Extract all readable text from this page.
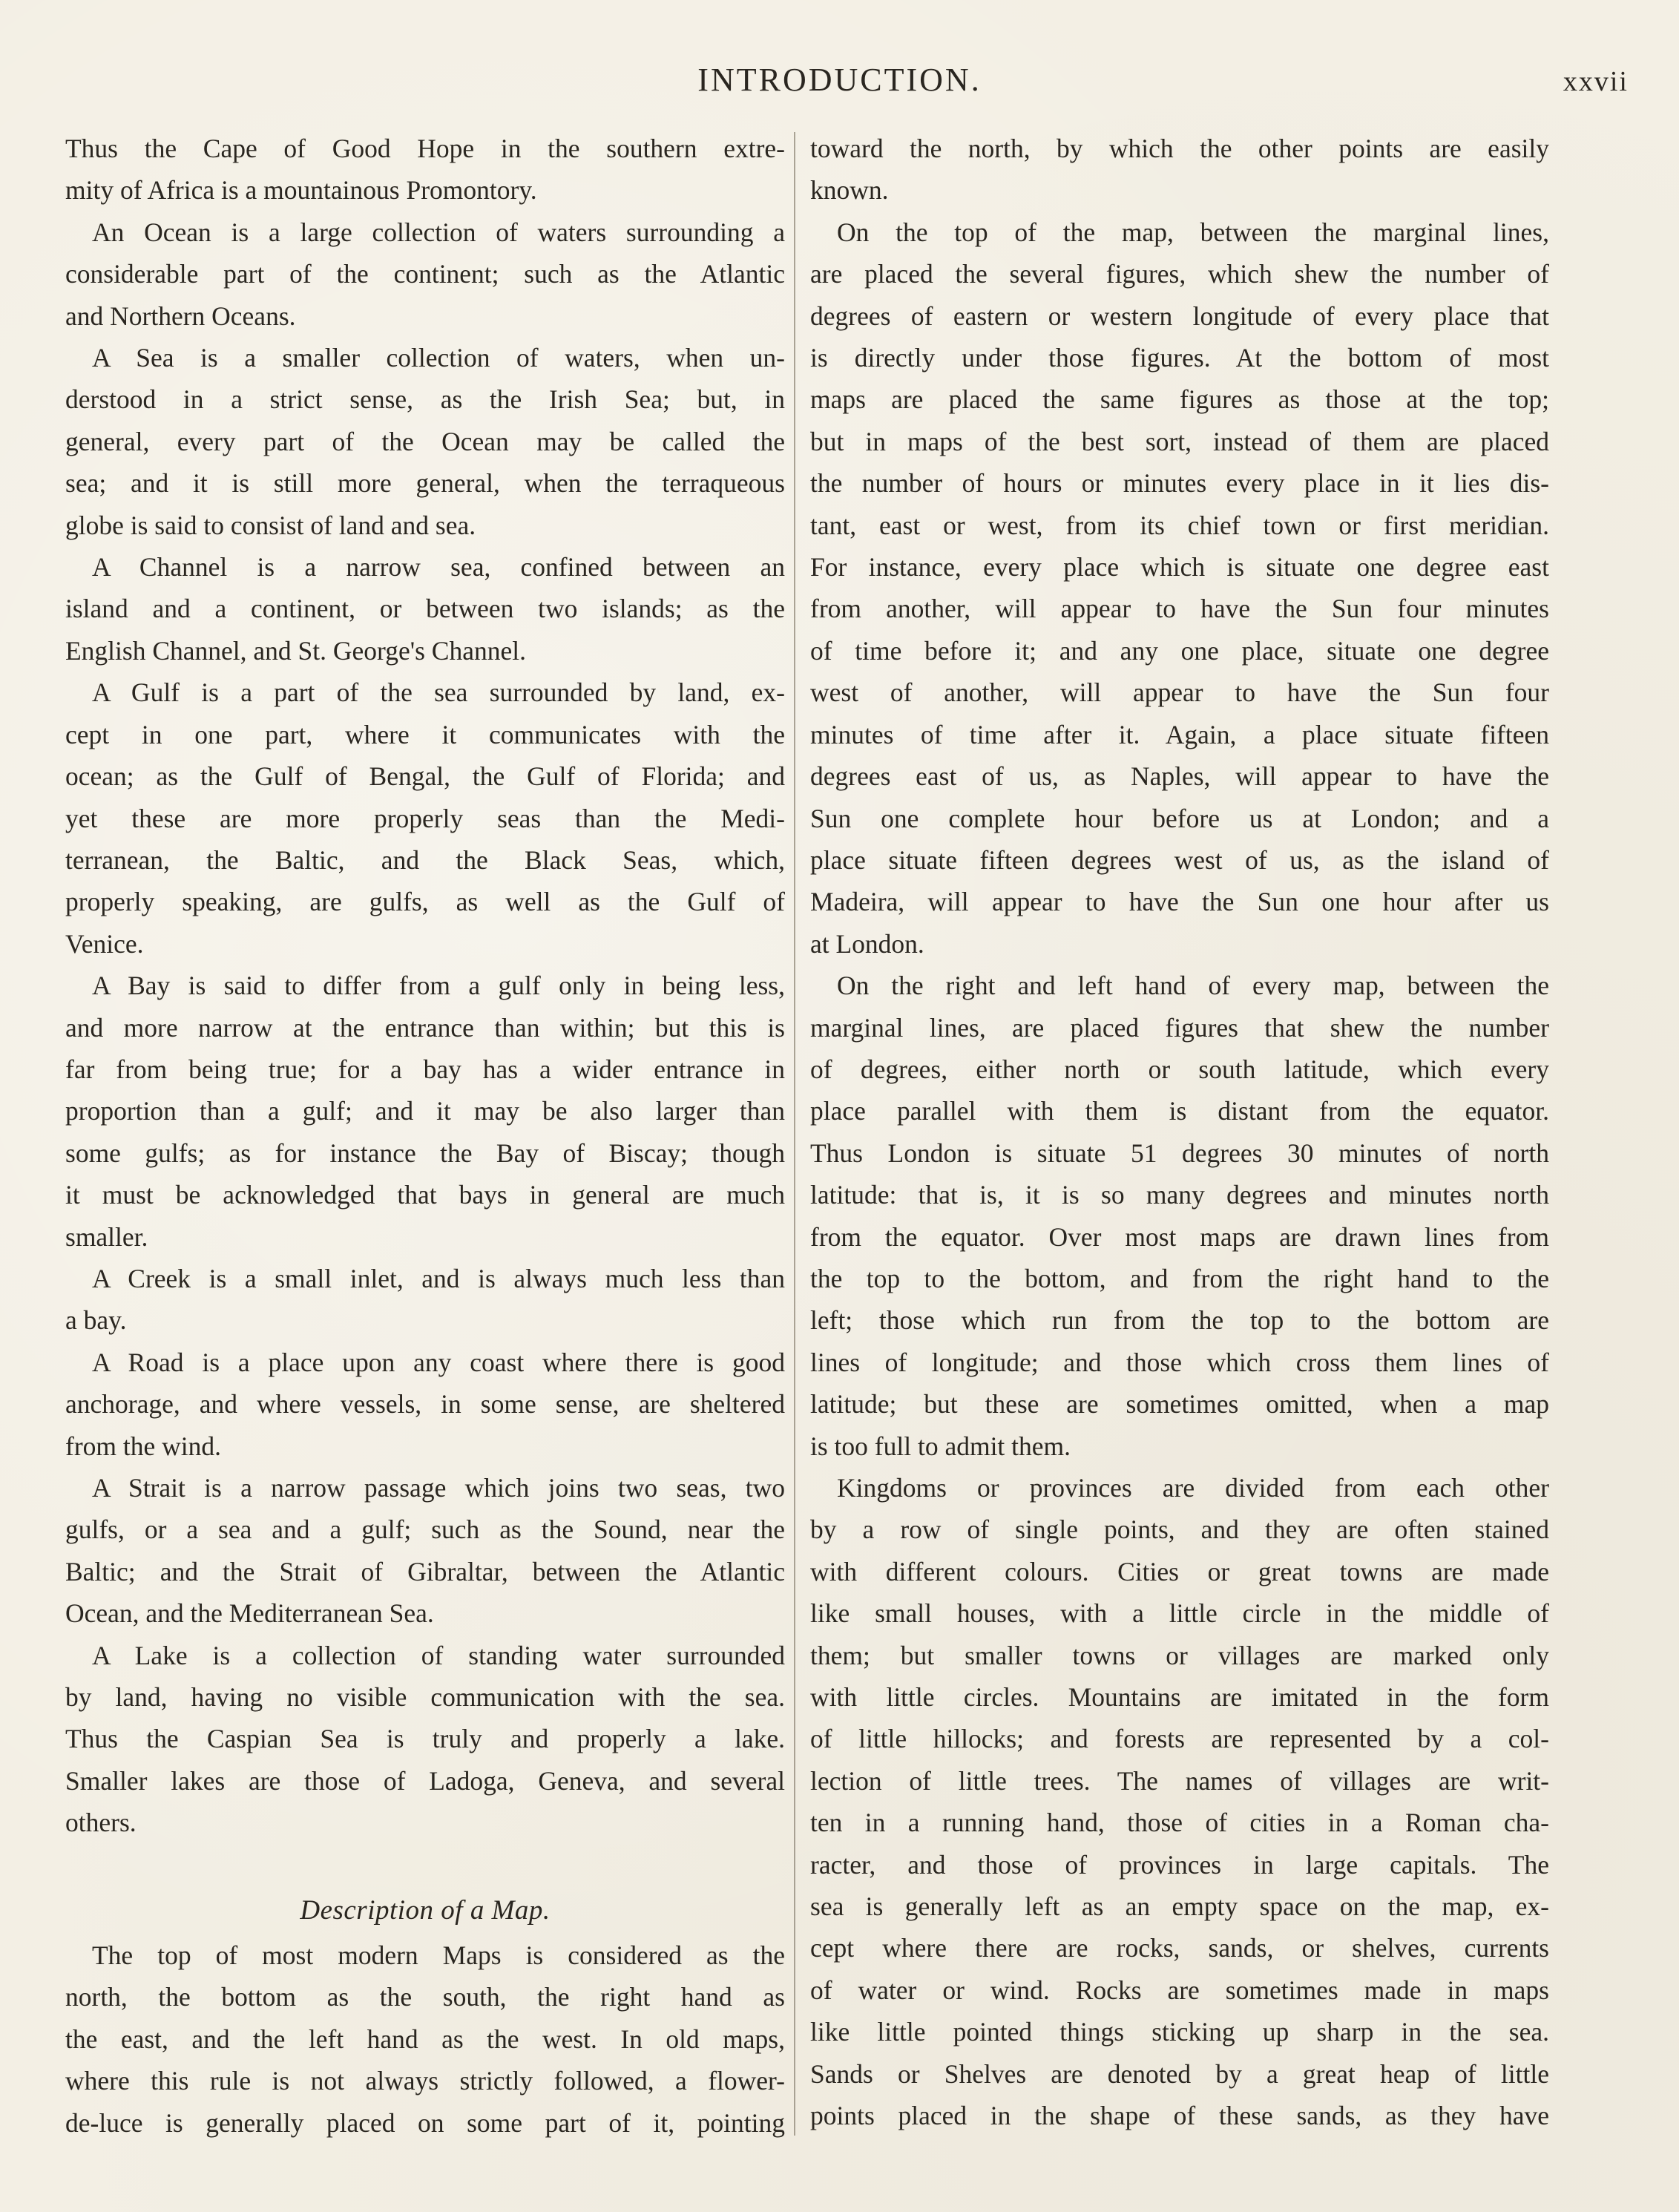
INTRODUCTION.	xxvii
Thus the Cape of Good Hope in the southern extre-
mity of Africa is a mountainous Promontory.
An Ocean is a large collection of waters surrounding a
considerable part of the continent; such as the Atlantic
and Northern Oceans.
A Sea is a smaller collection of waters, when un-
derstood in a strict sense, as the Irish Sea; but, in
general, every part of the Ocean may be called the
sea; and it is still more general, when the terraqueous
globe is said to consist of land and sea.
A Channel is a narrow sea, confined between an
island and a continent, or between two islands; as the
English Channel, and St. George's Channel.
A Gulf is a part of the sea surrounded by land, ex-
cept in one part, where it communicates with the
ocean; as the Gulf of Bengal, the Gulf of Florida; and
yet these are more properly seas than the Medi-
terranean, the Baltic, and the Black Seas, which,
properly speaking, are gulfs, as well as the Gulf of
Venice.
A Bay is said to differ from a gulf only in being less,
and more narrow at the entrance than within; but this is
far from being true; for a bay has a wider entrance in
proportion than a gulf; and it may be also larger than
some gulfs; as for instance the Bay of Biscay; though
it must be acknowledged that bays in general are much
smaller.
A Creek is a small inlet, and is always much less than
a bay.
A Road is a place upon any coast where there is good
anchorage, and where vessels, in some sense, are sheltered
from the wind.
A Strait is a narrow passage which joins two seas, two
gulfs, or a sea and a gulf; such as the Sound, near the
Baltic; and the Strait of Gibraltar, between the Atlantic
Ocean, and the Mediterranean Sea.
A Lake is a collection of standing water surrounded
by land, having no visible communication with the sea.
Thus the Caspian Sea is truly and properly a lake.
Smaller lakes are those of Ladoga, Geneva, and several
others.
Description of a Map.
The top of most modern Maps is considered as the
north, the bottom as the south, the right hand as
the east, and the left hand as the west. In old maps,
where this rule is not always strictly followed, a flower-
de-luce is generally placed on some part of it, pointing
toward the north, by which the other points are easily
known.
On the top of the map, between the marginal lines,
are placed the several figures, which shew the number of
degrees of eastern or western longitude of every place that
is directly under those figures. At the bottom of most
maps are placed the same figures as those at the top;
but in maps of the best sort, instead of them are placed
the number of hours or minutes every place in it lies dis-
tant, east or west, from its chief town or first meridian.
For instance, every place which is situate one degree east
from another, will appear to have the Sun four minutes
of time before it; and any one place, situate one degree
west of another, will appear to have the Sun four
minutes of time after it. Again, a place situate fifteen
degrees east of us, as Naples, will appear to have the
Sun one complete hour before us at London; and a
place situate fifteen degrees west of us, as the island of
Madeira, will appear to have the Sun one hour after us
at London.
On the right and left hand of every map, between the
marginal lines, are placed figures that shew the number
of degrees, either north or south latitude, which every
place parallel with them is distant from the equator.
Thus London is situate 51 degrees 30 minutes of north
latitude: that is, it is so many degrees and minutes north
from the equator. Over most maps are drawn lines from
the top to the bottom, and from the right hand to the
left; those which run from the top to the bottom are
lines of longitude; and those which cross them lines of
latitude; but these are sometimes omitted, when a map
is too full to admit them.
Kingdoms or provinces are divided from each other
by a row of single points, and they are often stained
with different colours. Cities or great towns are made
like small houses, with a little circle in the middle of
them; but smaller towns or villages are marked only
with little circles. Mountains are imitated in the form
of little hillocks; and forests are represented by a col-
lection of little trees. The names of villages are writ-
ten in a running hand, those of cities in a Roman cha-
racter, and those of provinces in large capitals. The
sea is generally left as an empty space on the map, ex-
cept where there are rocks, sands, or shelves, currents
of water or wind. Rocks are sometimes made in maps
like little pointed things sticking up sharp in the sea.
Sands or Shelves are denoted by a great heap of little
points placed in the shape of these sands, as they have
